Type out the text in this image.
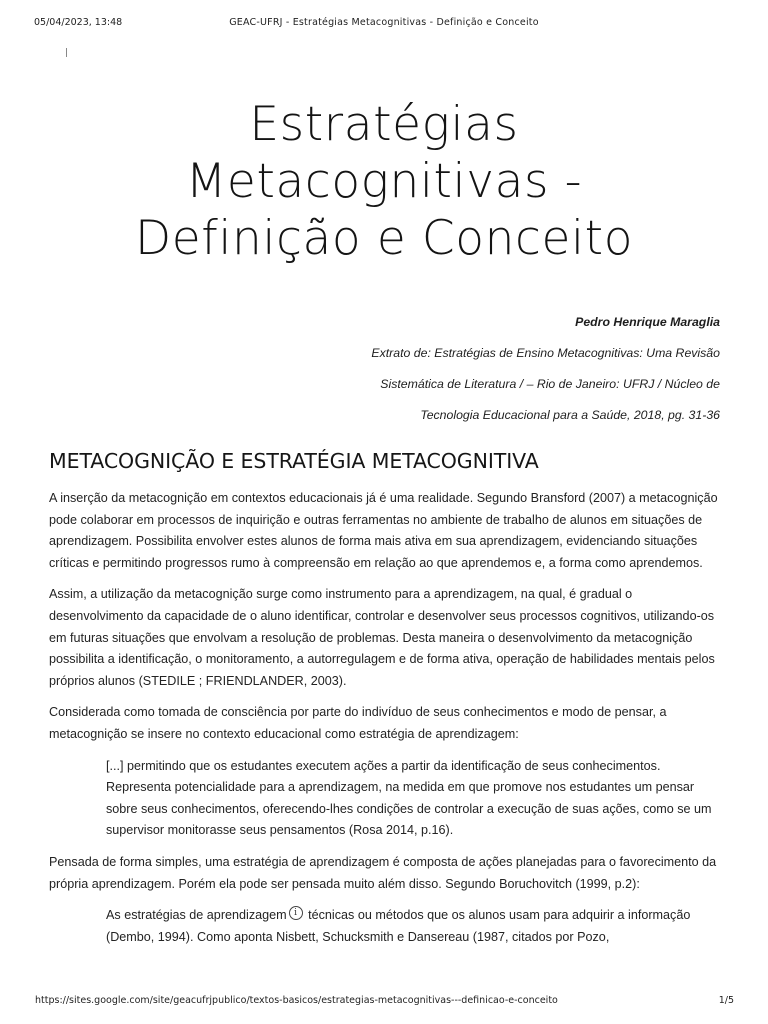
05/04/2023, 13:48	GEAC-UFRJ - Estratégias Metacognitivas - Definição e Conceito
Estratégias
Metacognitivas -
Definição e Conceito
Pedro Henrique Maraglia
Extrato de: Estratégias de Ensino Metacognitivas: Uma Revisão
Sistemática de Literatura / – Rio de Janeiro: UFRJ / Núcleo de
Tecnologia Educacional para a Saúde, 2018, pg. 31-36
METACOGNIÇÃO E ESTRATÉGIA METACOGNITIVA

A inserção da metacognição em contextos educacionais já é uma realidade. Segundo Bransford (2007) a metacognição pode colaborar em processos de inquirição e outras ferramentas no ambiente de trabalho de alunos em situações de aprendizagem. Possibilita envolver estes alunos de forma mais ativa em sua aprendizagem, evidenciando situações críticas e permitindo progressos rumo à compreensão em relação ao que aprendemos e, a forma como aprendemos.

Assim, a utilização da metacognição surge como instrumento para a aprendizagem, na qual, é gradual o desenvolvimento da capacidade de o aluno identificar, controlar e desenvolver seus processos cognitivos, utilizando-os em futuras situações que envolvam a resolução de problemas. Desta maneira o desenvolvimento da metacognição possibilita a identificação, o monitoramento, a autorregulagem e de forma ativa, operação de habilidades mentais pelos próprios alunos (STEDILE ; FRIENDLANDER, 2003).

Considerada como tomada de consciência por parte do indivíduo de seus conhecimentos e modo de pensar, a metacognição se insere no contexto educacional como estratégia de aprendizagem:

[...] permitindo que os estudantes executem ações a partir da identificação de seus conhecimentos. Representa potencialidade para a aprendizagem, na medida em que promove nos estudantes um pensar sobre seus conhecimentos, oferecendo-lhes condições de controlar a execução de suas ações, como se um supervisor monitorasse seus pensamentos (Rosa 2014, p.16).

Pensada de forma simples, uma estratégia de aprendizagem é composta de ações planejadas para o favorecimento da própria aprendizagem. Porém ela pode ser pensada muito além disso. Segundo Boruchovitch (1999, p.2):

As estratégias de aprendizagem i técnicas ou métodos que os alunos usam para adquirir a informação (Dembo, 1994). Como aponta Nisbett, Schucksmith e Dansereau (1987, citados por Pozo,

https://sites.google.com/site/geacufrjpublico/textos-basicos/estrategias-metacognitivas---definicao-e-conceito	1/5
